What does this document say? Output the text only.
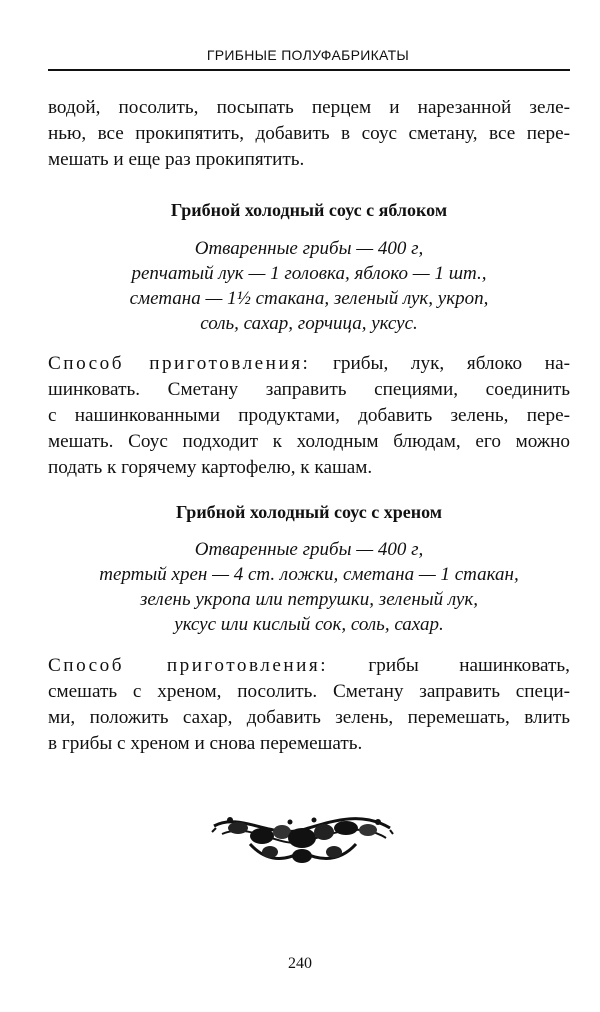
ГРИБНЫЕ ПОЛУФАБРИКАТЫ

водой, посолить, посыпать перцем и нарезанной зеле-
нью, все прокипятить, добавить в соус сметану, все пере-
мешать и еще раз прокипятить.

Грибной холодный соус с яблоком
Отваренные грибы — 400 г,
репчатый лук — 1 головка, яблоко — 1 шт.,
сметана — 1½ стакана, зеленый лук, укроп,
соль, сахар, горчица, уксус.

Способ приготовления: грибы, лук, яблоко на-
шинковать. Сметану заправить специями, соединить
с нашинкованными продуктами, добавить зелень, пере-
мешать. Соус подходит к холодным блюдам, его можно
подать к горячему картофелю, к кашам.

Грибной холодный соус с хреном
Отваренные грибы — 400 г,
тертый хрен — 4 ст. ложки, сметана — 1 стакан,
зелень укропа или петрушки, зеленый лук,
уксус или кислый сок, соль, сахар.

Способ приготовления: грибы нашинковать,
смешать с хреном, посолить. Сметану заправить специ-
ми, положить сахар, добавить зелень, перемешать, влить
в грибы с хреном и снова перемешать.

240
